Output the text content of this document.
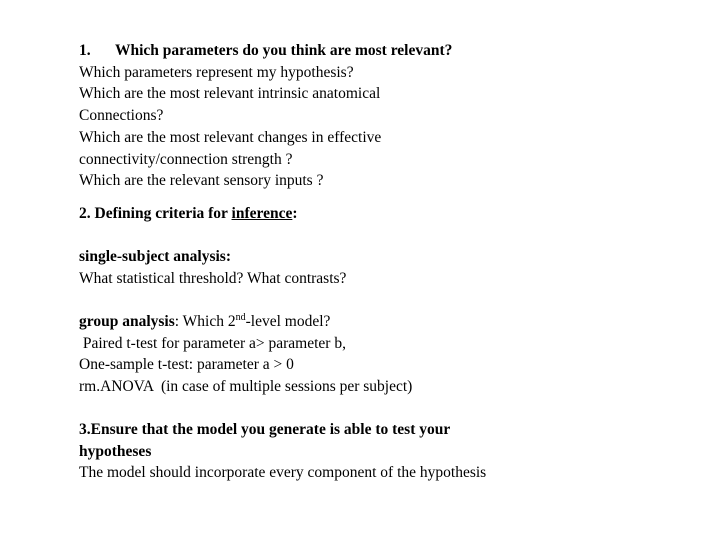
1. Which parameters do you think are most relevant?
Which parameters represent my hypothesis?
Which are the most relevant intrinsic anatomical
Connections?
Which are the most relevant changes in effective
connectivity/connection strength ?
Which are the relevant sensory inputs ?
2. Defining criteria for inference:
single-subject analysis:
What statistical threshold? What contrasts?
group analysis: Which 2nd-level model?
Paired t-test for parameter a> parameter b,
One-sample t-test: parameter a > 0
rm.ANOVA  (in case of multiple sessions per subject)
3.Ensure that the model you generate is able to test your
hypotheses
The model should incorporate every component of the hypothesis
